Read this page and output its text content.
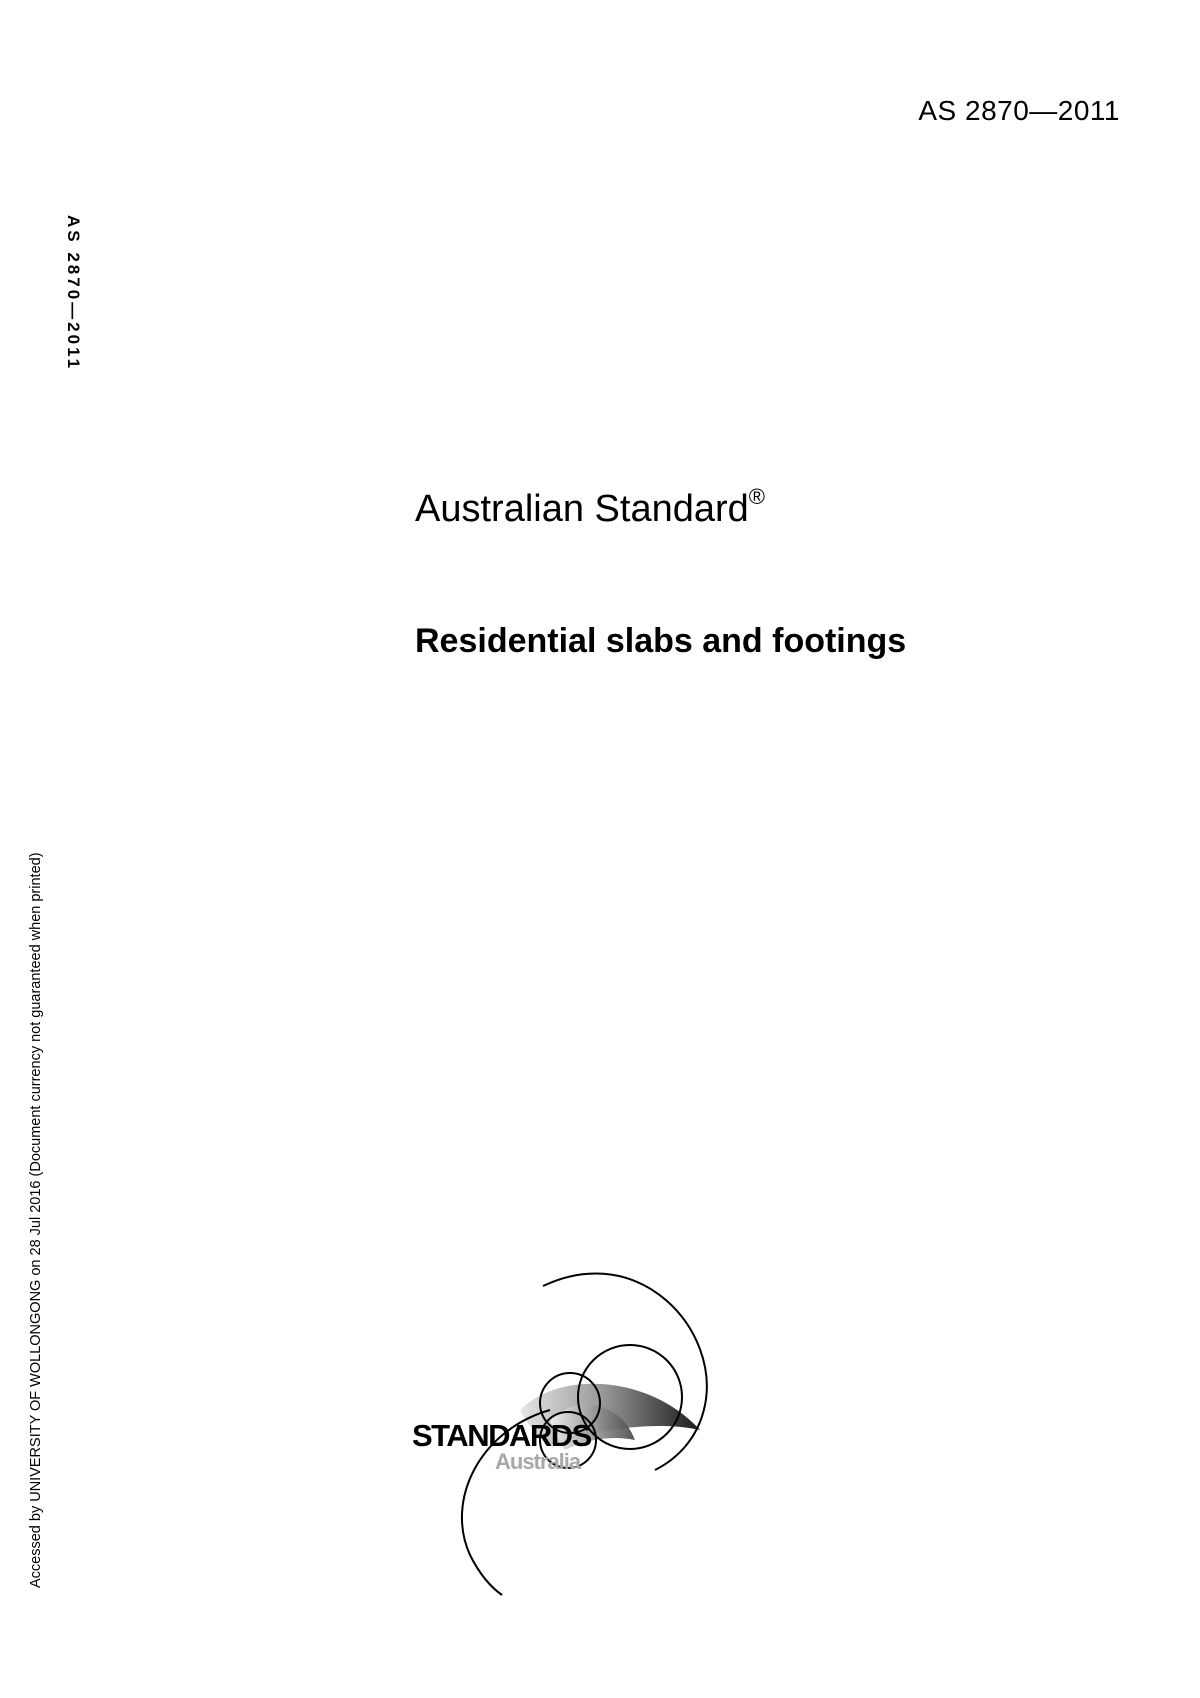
AS 2870—2011
AS 2870—2011
Accessed by UNIVERSITY OF WOLLONGONG on 28 Jul 2016 (Document currency not guaranteed when printed)
Australian Standard®
Residential slabs and footings
STANDARDS
Australia
